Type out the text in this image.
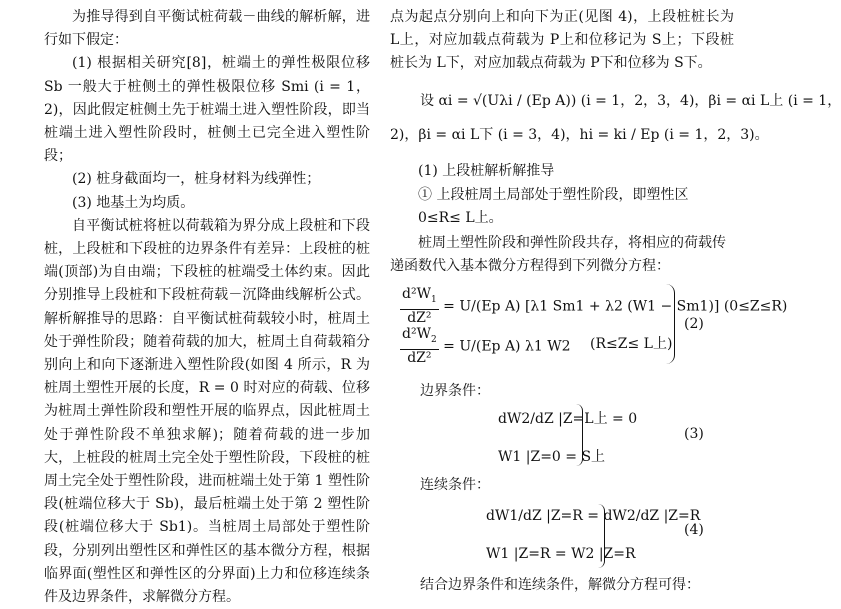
为推导得到自平衡试桩荷载－曲线的解析解，进行如下假定：

(1) 根据相关研究[8]，桩端土的弹性极限位移 Sb 一般大于桩侧土的弹性极限位移 Smi (i = 1，2)，因此假定桩侧土先于桩端土进入塑性阶段，即当桩端土进入塑性阶段时，桩侧土已完全进入塑性阶段；

(2) 桩身截面均一，桩身材料为线弹性；

(3) 地基土为均质。

自平衡试桩将桩以荷载箱为界分成上段桩和下段桩，上段桩和下段桩的边界条件有差异：上段桩的桩端(顶部)为自由端；下段桩的桩端受土体约束。因此分别推导上段桩和下段桩荷载－沉降曲线解析公式。解析解推导的思路：自平衡试桩荷载较小时，桩周土处于弹性阶段；随着荷载的加大，桩周土自荷载箱分别向上和向下逐渐进入塑性阶段(如图 4 所示，R 为桩周土塑性开展的长度，R = 0 时对应的荷载、位移为桩周土弹性阶段和塑性开展的临界点，因此桩周土处于弹性阶段不单独求解)；随着荷载的进一步加大，上桩段的桩周土完全处于塑性阶段，下段桩的桩周土完全处于塑性阶段，进而桩端土处于第 1 塑性阶段(桩端位移大于 Sb)，最后桩端土处于第 2 塑性阶段(桩端位移大于 Sb1)。当桩周土局部处于塑性阶段，分别列出塑性区和弹性区的基本微分方程，根据临界面(塑性区和弹性区的分界面)上力和位移连续条件及边界条件，求解微分方程。

点为起点分别向上和向下为正(见图 4)，上段桩桩长为 L上，对应加载点荷载为 P上和位移记为 S上；下段桩桩长为 L下，对应加载点荷载为 P下和位移为 S下。

设 αi = √(Uλi / (Ep A)) (i = 1，2，3，4)，βi = αi L上 (i = 1，
2)，βi = αi L下 (i = 3，4)，hi = ki / Ep (i = 1，2，3)。
(1) 上段桩解析解推导
① 上段桩周土局部处于塑性阶段，即塑性区 0≤R≤ L上。
桩周土塑性阶段和弹性阶段共存，将相应的荷载传递函数代入基本微分方程得到下列微分方程：
$\frac{d^2W_1}{\text{dZ²}} = U/(Ep$ A) [λ1 Sm1 + λ2 (W1 − Sm1)] (0≤Z≤R)
$\frac{d^2W_2}{\text{dZ²}} = U/(Ep$ A) λ1 W2 (R≤Z≤ L上)
(2)
边界条件：
dW2/dZ |Z=L上 = 0
W1 |Z=0 = S上
(3)
连续条件：
dW1/dZ |Z=R = dW2/dZ |Z=R
W1 |Z=R = W2 |Z=R
(4)
结合边界条件和连续条件，解微分方程可得：
